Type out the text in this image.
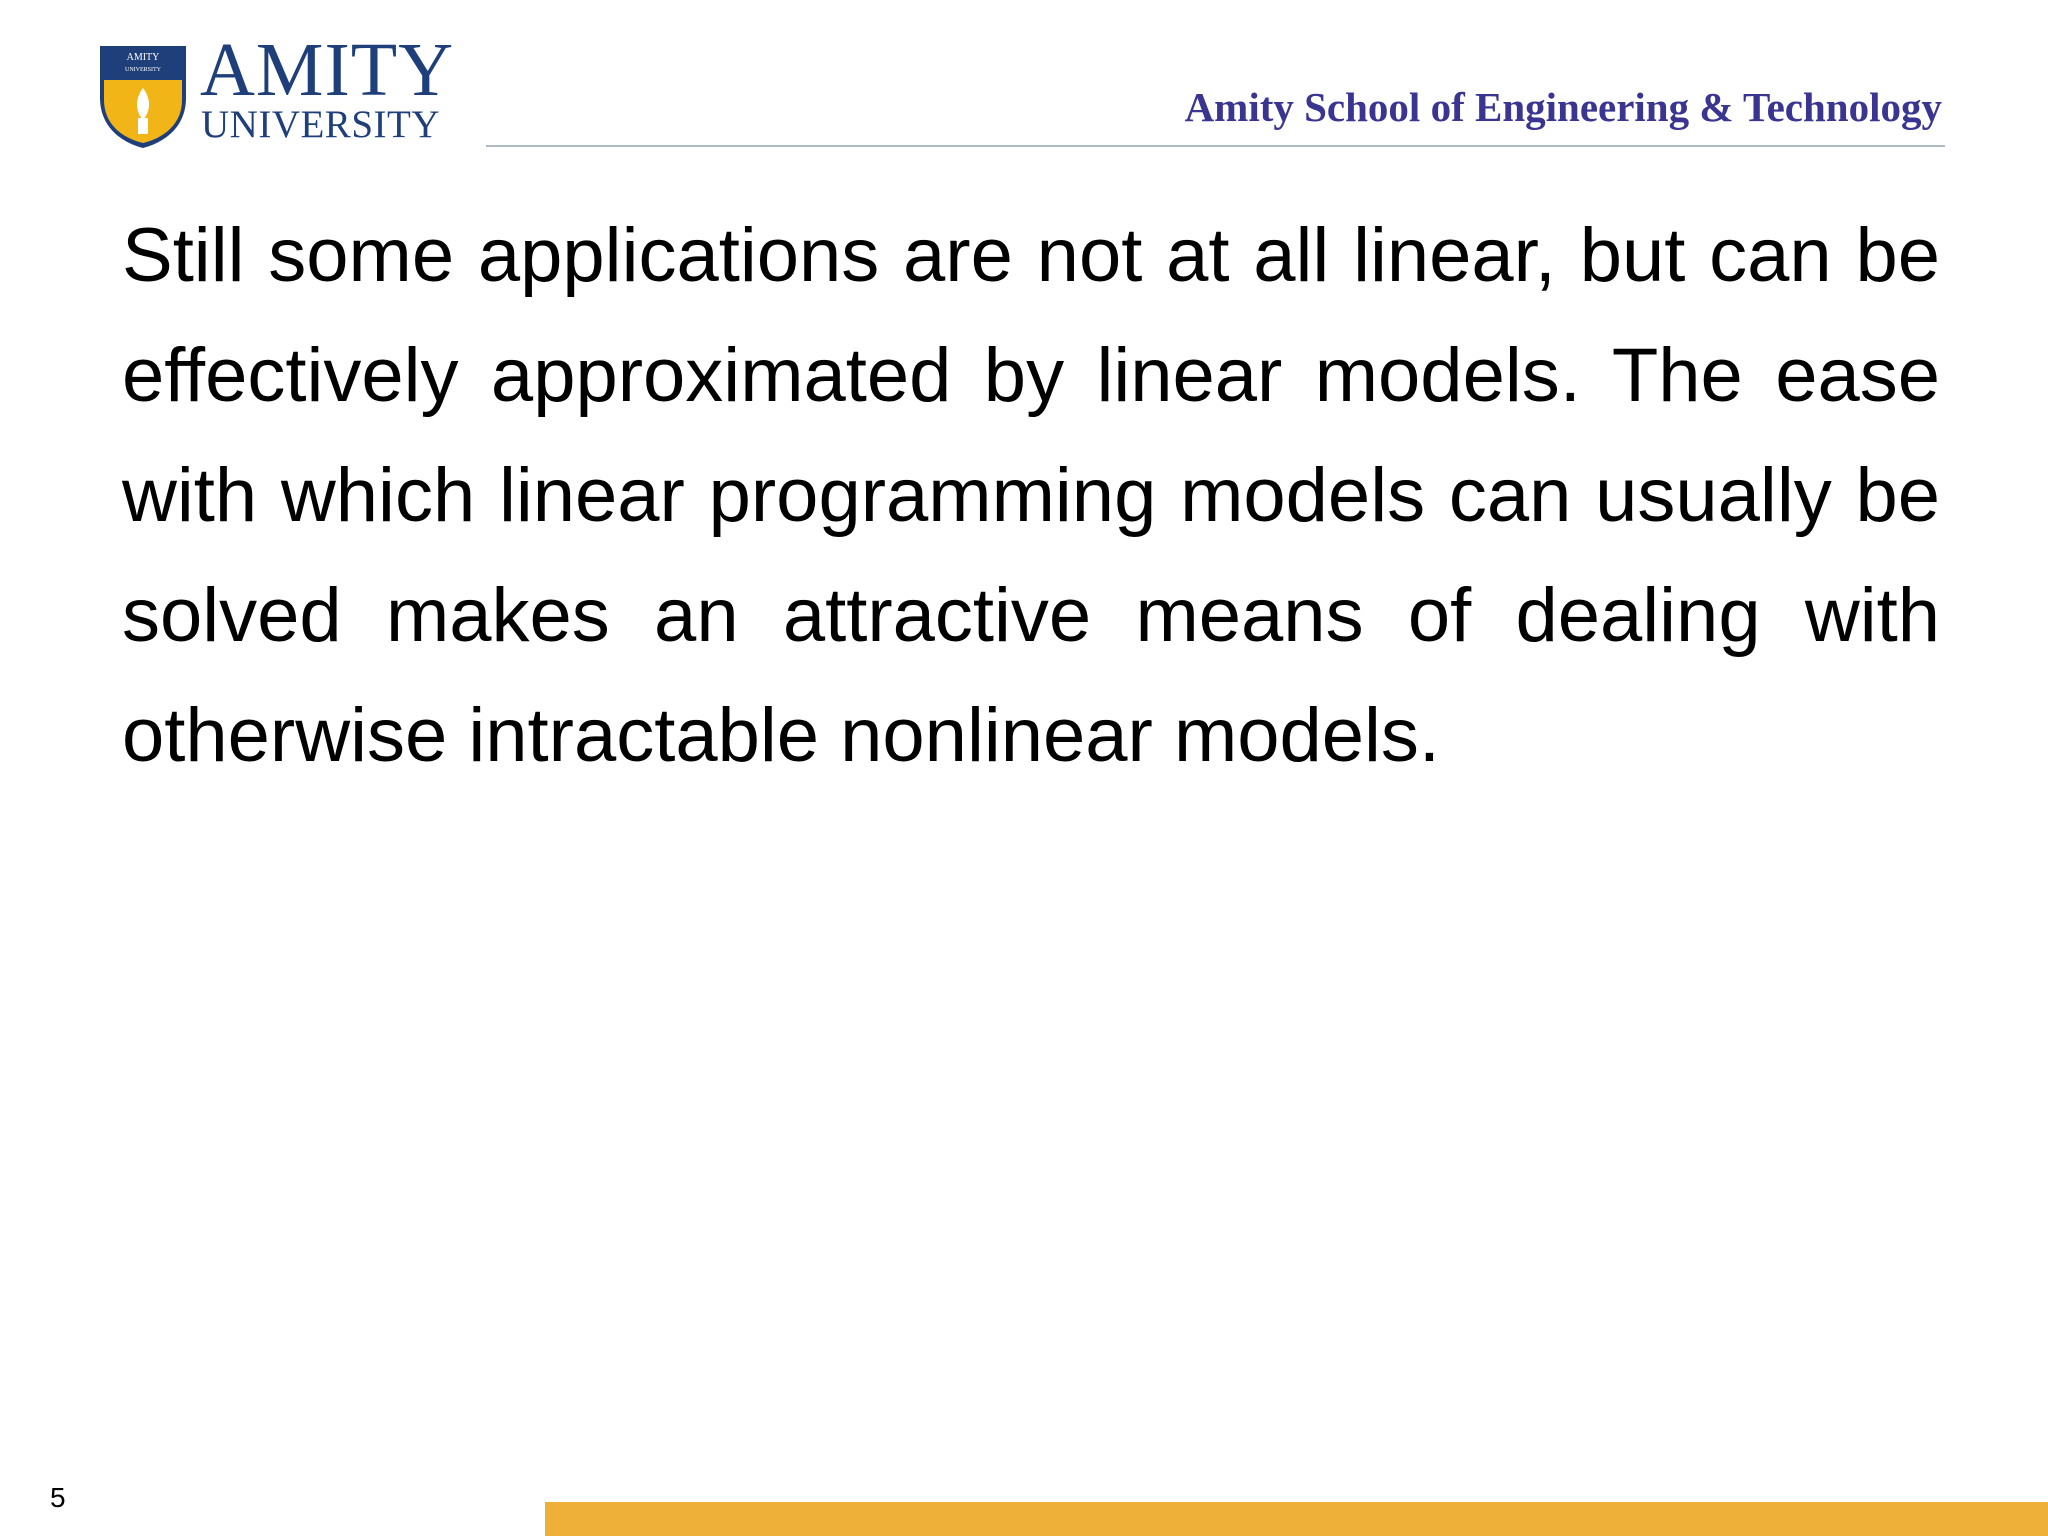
AMITY
UNIVERSITY AMITY
UNIVERSITY	Amity School of Engineering & Technology

Still some applications are not at all linear, but can be effectively approximated by linear models. The ease with which linear programming models can usually be solved makes an attractive means of dealing with otherwise intractable nonlinear models.

5
